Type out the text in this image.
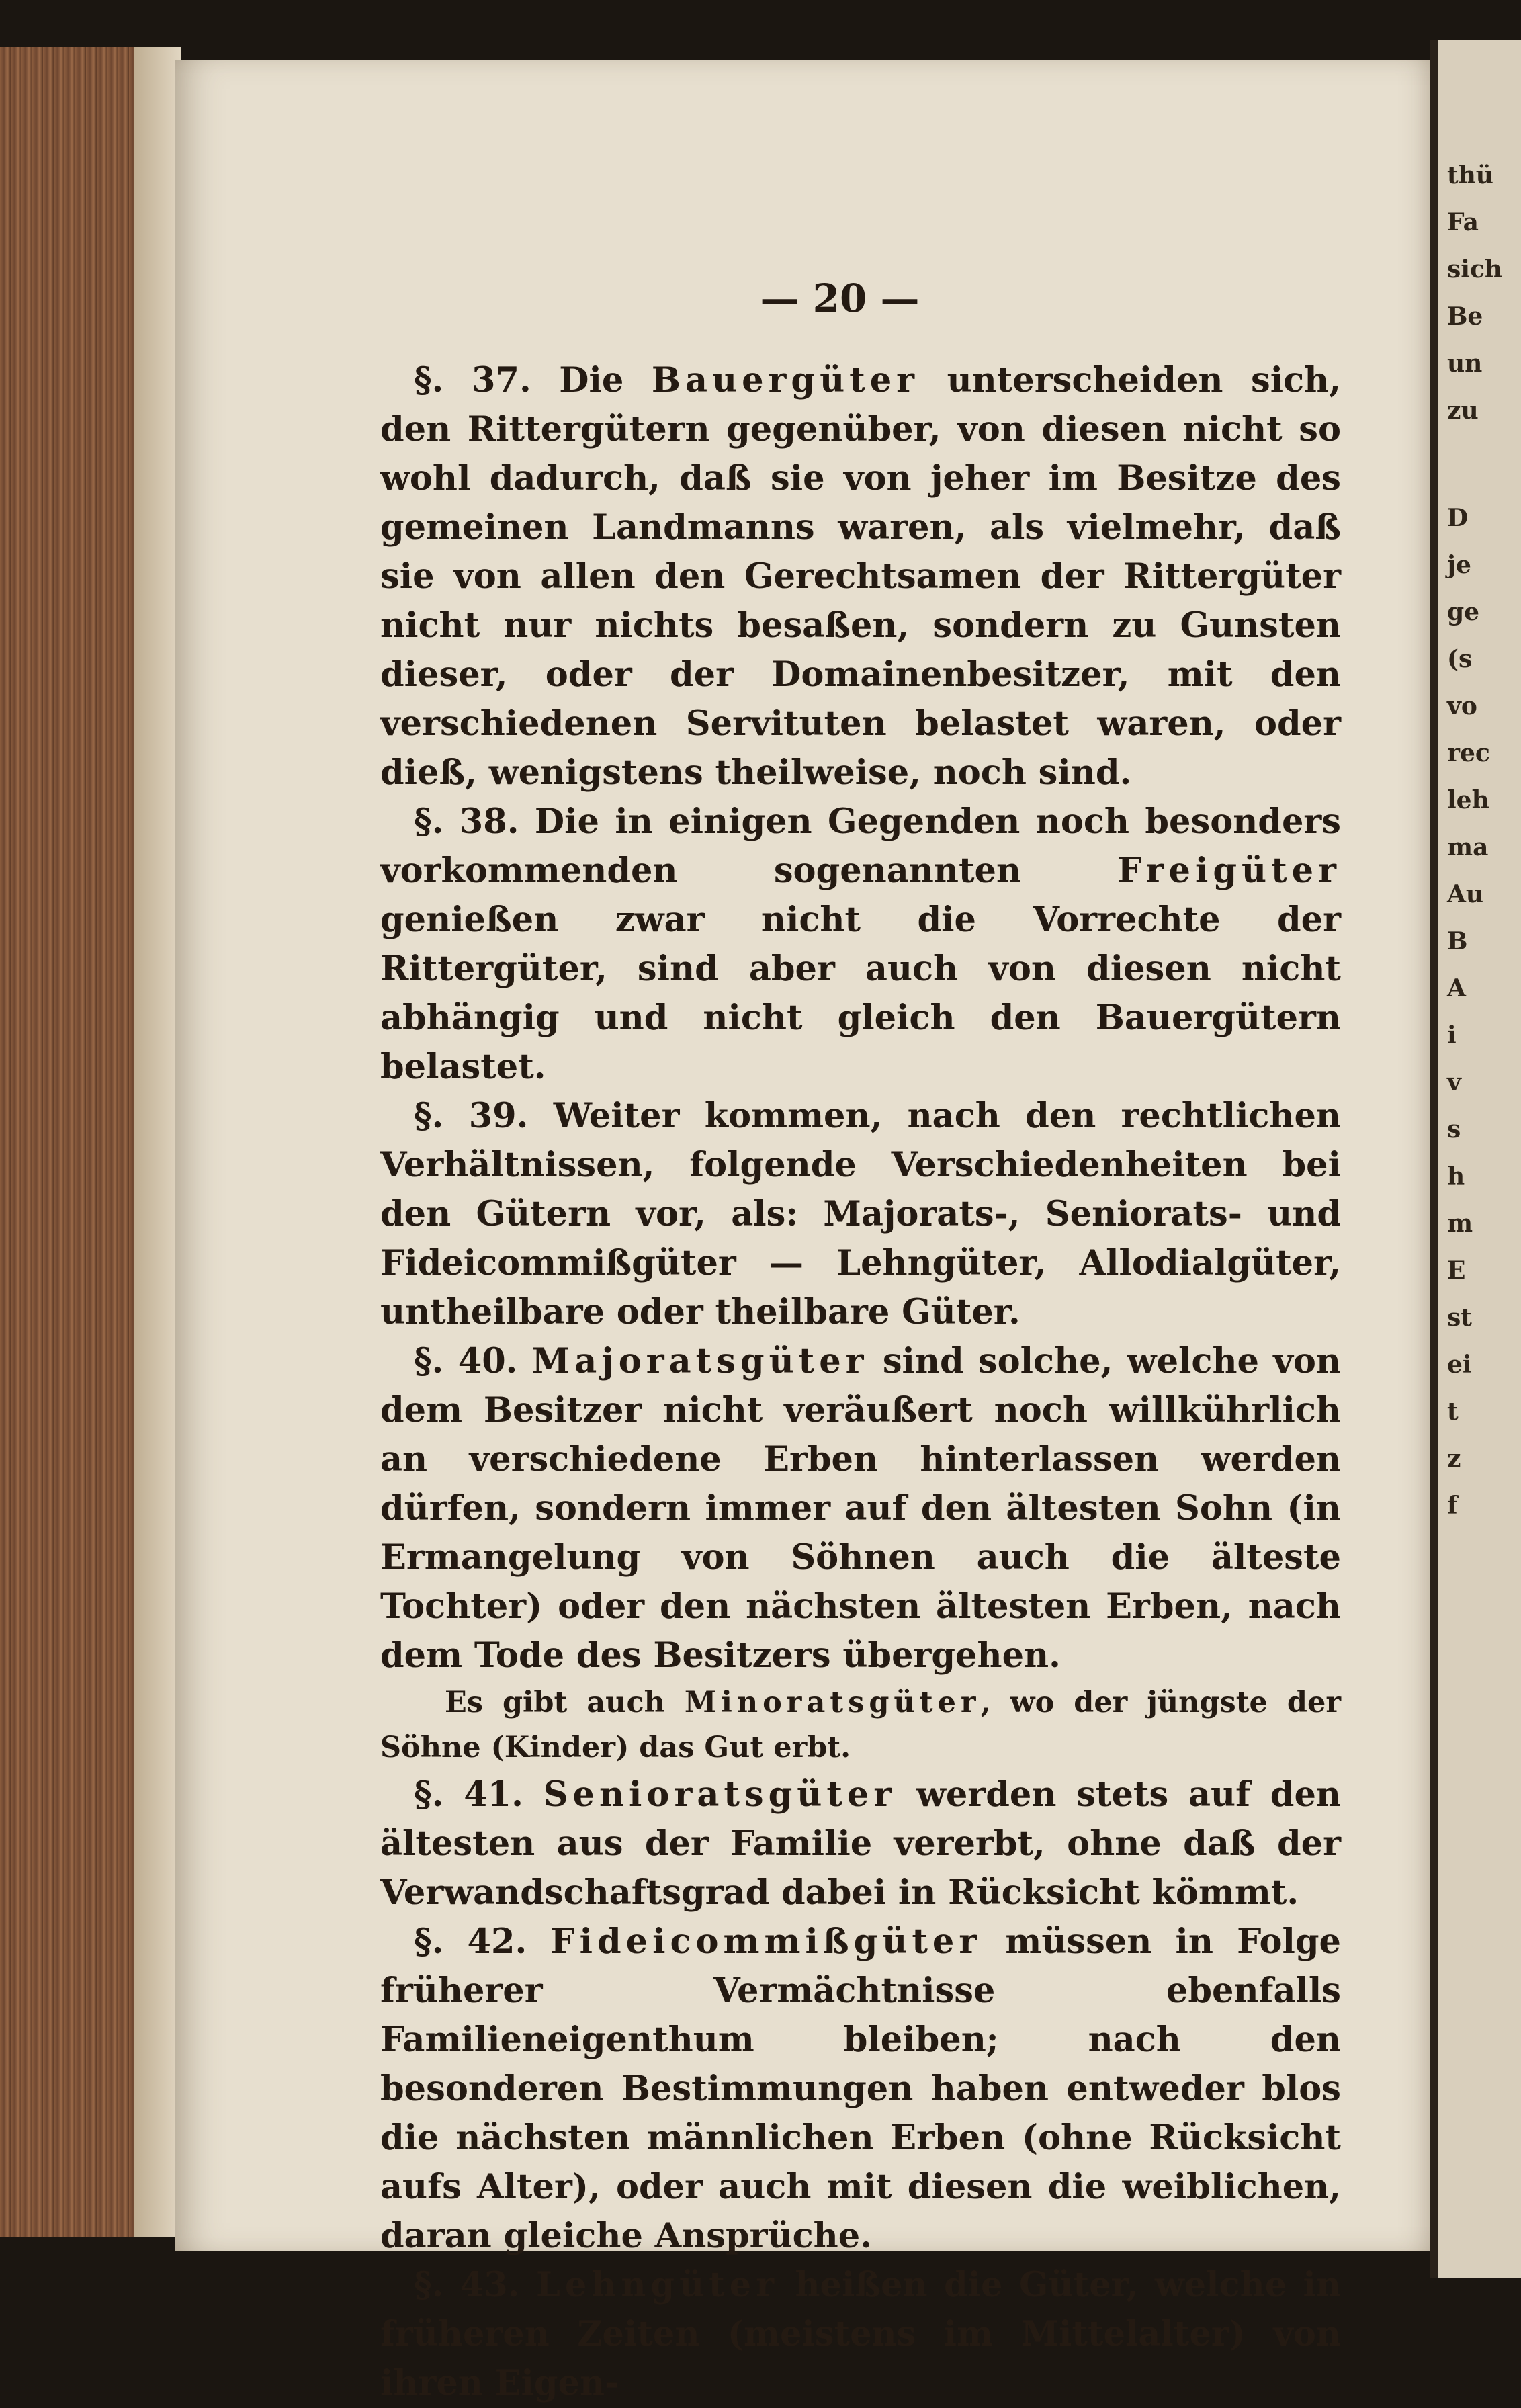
thü
Fa
sich
Be
un
zu
D
je
ge
(s
vo
rec
leh
ma
Au
B
A
i
v
s
h
m
E
st
ei
t
z
f
— 20 —

§. 37. Die Bauergüter unterscheiden sich, den Rittergütern gegenüber, von diesen nicht so wohl dadurch, daß sie von jeher im Besitze des gemeinen Landmanns waren, als vielmehr, daß sie von allen den Gerechtsamen der Rittergüter nicht nur nichts besaßen, sondern zu Gunsten dieser, oder der Domainenbesitzer, mit den verschiedenen Servituten belastet waren, oder dieß, wenigstens theilweise, noch sind.

§. 38. Die in einigen Gegenden noch besonders vorkommenden sogenannten Freigüter genießen zwar nicht die Vorrechte der Rittergüter, sind aber auch von diesen nicht abhängig und nicht gleich den Bauergütern belastet.

§. 39. Weiter kommen, nach den rechtlichen Verhältnissen, folgende Verschiedenheiten bei den Gütern vor, als: Majorats-, Seniorats- und Fideicommißgüter — Lehngüter, Allodialgüter, untheilbare oder theilbare Güter.

§. 40. Majoratsgüter sind solche, welche von dem Besitzer nicht veräußert noch willkührlich an verschiedene Erben hinterlassen werden dürfen, sondern immer auf den ältesten Sohn (in Ermangelung von Söhnen auch die älteste Tochter) oder den nächsten ältesten Erben, nach dem Tode des Besitzers übergehen.

Es gibt auch Minoratsgüter, wo der jüngste der Söhne (Kinder) das Gut erbt.

§. 41. Senioratsgüter werden stets auf den ältesten aus der Familie vererbt, ohne daß der Verwandschaftsgrad dabei in Rücksicht kömmt.

§. 42. Fideicommißgüter müssen in Folge früherer Vermächtnisse ebenfalls Familieneigenthum bleiben; nach den besonderen Bestimmungen haben entweder blos die nächsten männlichen Erben (ohne Rücksicht aufs Alter), oder auch mit diesen die weiblichen, daran gleiche Ansprüche.

§. 43. Lehngüter heißen die Güter, welche in früheren Zeiten (meistens im Mittelalter) von ihren Eigen-
